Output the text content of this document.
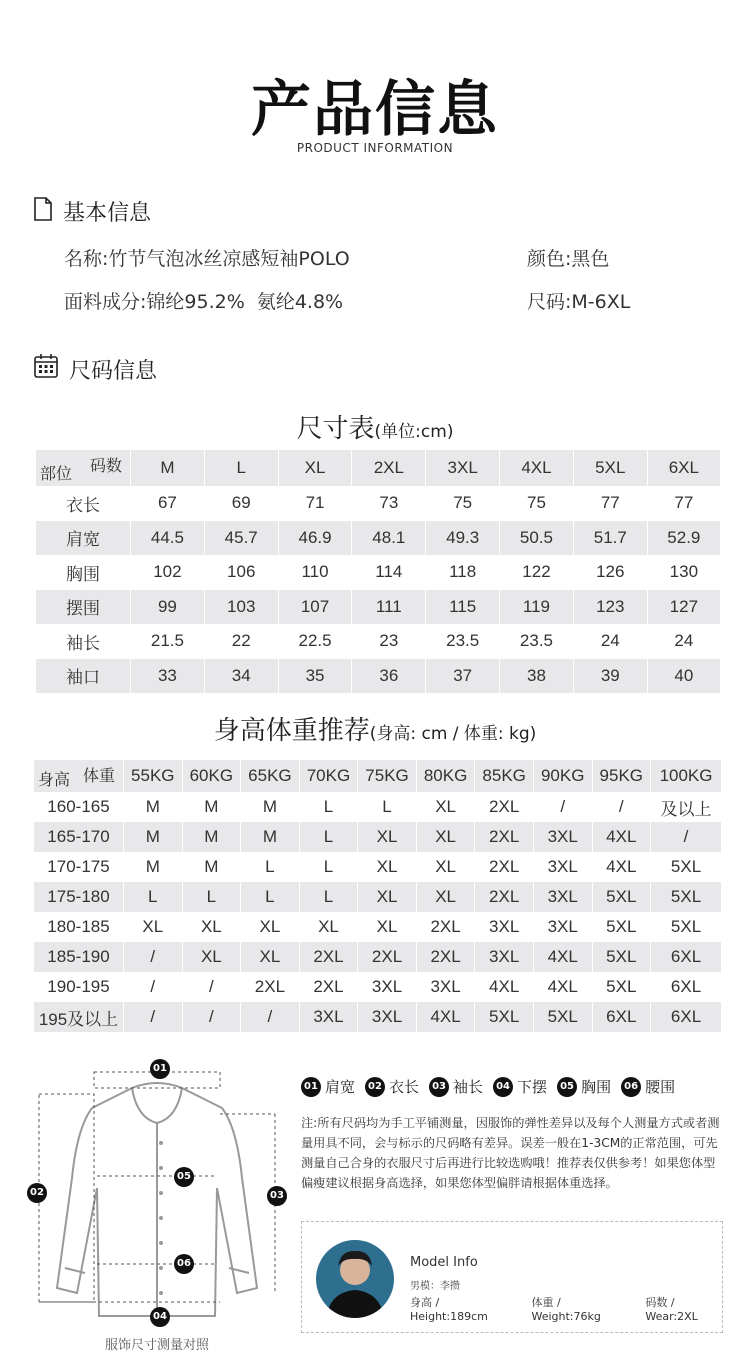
产品信息
PRODUCT INFORMATION
基本信息
名称:竹节气泡冰丝凉感短袖POLO	颜色:黑色
面料成分:锦纶95.2%  氨纶4.8%	尺码:M-6XL
尺码信息
尺寸表(单位:cm)
码数
部位	M	L	XL	2XL	3XL	4XL	5XL	6XL
衣长	67	69	71	73	75	75	77	77
肩宽	44.5	45.7	46.9	48.1	49.3	50.5	51.7	52.9
胸围	102	106	110	114	118	122	126	130
摆围	99	103	107	111	115	119	123	127
袖长	21.5	22	22.5	23	23.5	23.5	24	24
袖口	33	34	35	36	37	38	39	40
身高体重推荐(身高: cm / 体重: kg)
体重
身高	55KG	60KG	65KG	70KG	75KG	80KG	85KG	90KG	95KG	100KG
160-165	M	M	M	L	L	XL	2XL	/	/	及以上
165-170	M	M	M	L	XL	XL	2XL	3XL	4XL	/
170-175	M	M	L	L	XL	XL	2XL	3XL	4XL	5XL
175-180	L	L	L	L	XL	XL	2XL	3XL	5XL	5XL
180-185	XL	XL	XL	XL	XL	2XL	3XL	3XL	5XL	5XL
185-190	/	XL	XL	2XL	2XL	2XL	3XL	4XL	5XL	6XL
190-195	/	/	2XL	2XL	3XL	3XL	4XL	4XL	5XL	6XL
195及以上	/	/	/	3XL	3XL	4XL	5XL	5XL	6XL	6XL
01
02	03
04
05
06
服饰尺寸测量对照
01 肩宽	02 衣长	03 袖长	04 下摆	05 胸围	06 腰围
注:所有尺码均为手工平铺测量，因服饰的弹性差异以及每个人测量方式或者测量用具不同，会与标示的尺码略有差异。误差一般在1-3CM的正常范围，可先测量自己合身的衣服尺寸后再进行比较选购哦！推荐表仅供参考！如果您体型偏瘦建议根据身高选择，如果您体型偏胖请根据体重选择。
Model Info
男模：李攒
身高 / Height:189cm
体重 / Weight:76kg
码数 / Wear:2XL
